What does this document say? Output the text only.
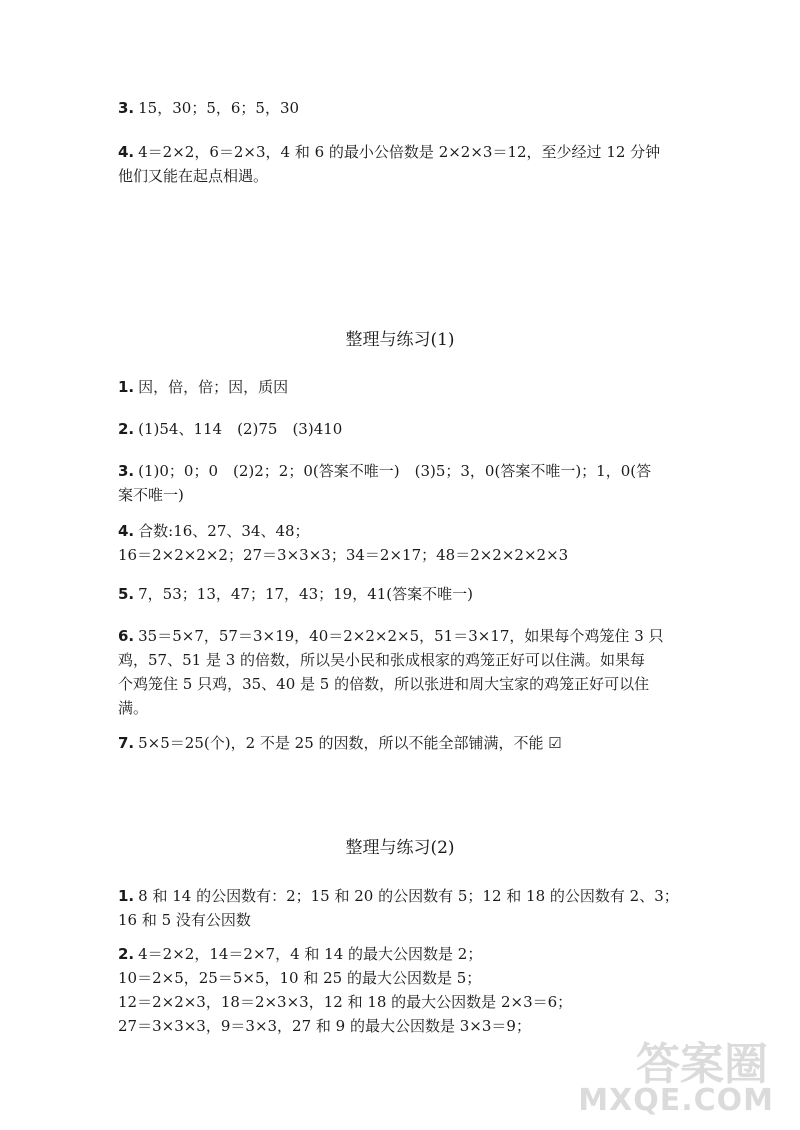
3. 15，30；5，6；5，30
4. 4＝2×2，6＝2×3，4 和 6 的最小公倍数是 2×2×3＝12，至少经过 12 分钟
他们又能在起点相遇。
整理与练习(1)
1. 因，倍，倍；因，质因
2. (1)54、114　(2)75　(3)410
3. (1)0；0；0　(2)2；2；0(答案不唯一)　(3)5；3，0(答案不唯一)；1，0(答
案不唯一)
4. 合数:16、27、34、48；
16＝2×2×2×2；27＝3×3×3；34＝2×17；48＝2×2×2×2×3
5. 7，53；13，47；17，43；19，41(答案不唯一)
6. 35＝5×7，57＝3×19，40＝2×2×2×5，51＝3×17，如果每个鸡笼住 3 只
鸡，57、51 是 3 的倍数，所以吴小民和张成根家的鸡笼正好可以住满。如果每
个鸡笼住 5 只鸡，35、40 是 5 的倍数，所以张进和周大宝家的鸡笼正好可以住
满。
7. 5×5＝25(个)，2 不是 25 的因数，所以不能全部铺满，不能 ☑
整理与练习(2)
1. 8 和 14 的公因数有：2；15 和 20 的公因数有 5；12 和 18 的公因数有 2、3；
16 和 5 没有公因数
2. 4＝2×2，14＝2×7，4 和 14 的最大公因数是 2；
10＝2×5，25＝5×5，10 和 25 的最大公因数是 5；
12＝2×2×3，18＝2×3×3，12 和 18 的最大公因数是 2×3＝6；
27＝3×3×3，9＝3×3，27 和 9 的最大公因数是 3×3＝9；
答案圈
MXQE.COM
